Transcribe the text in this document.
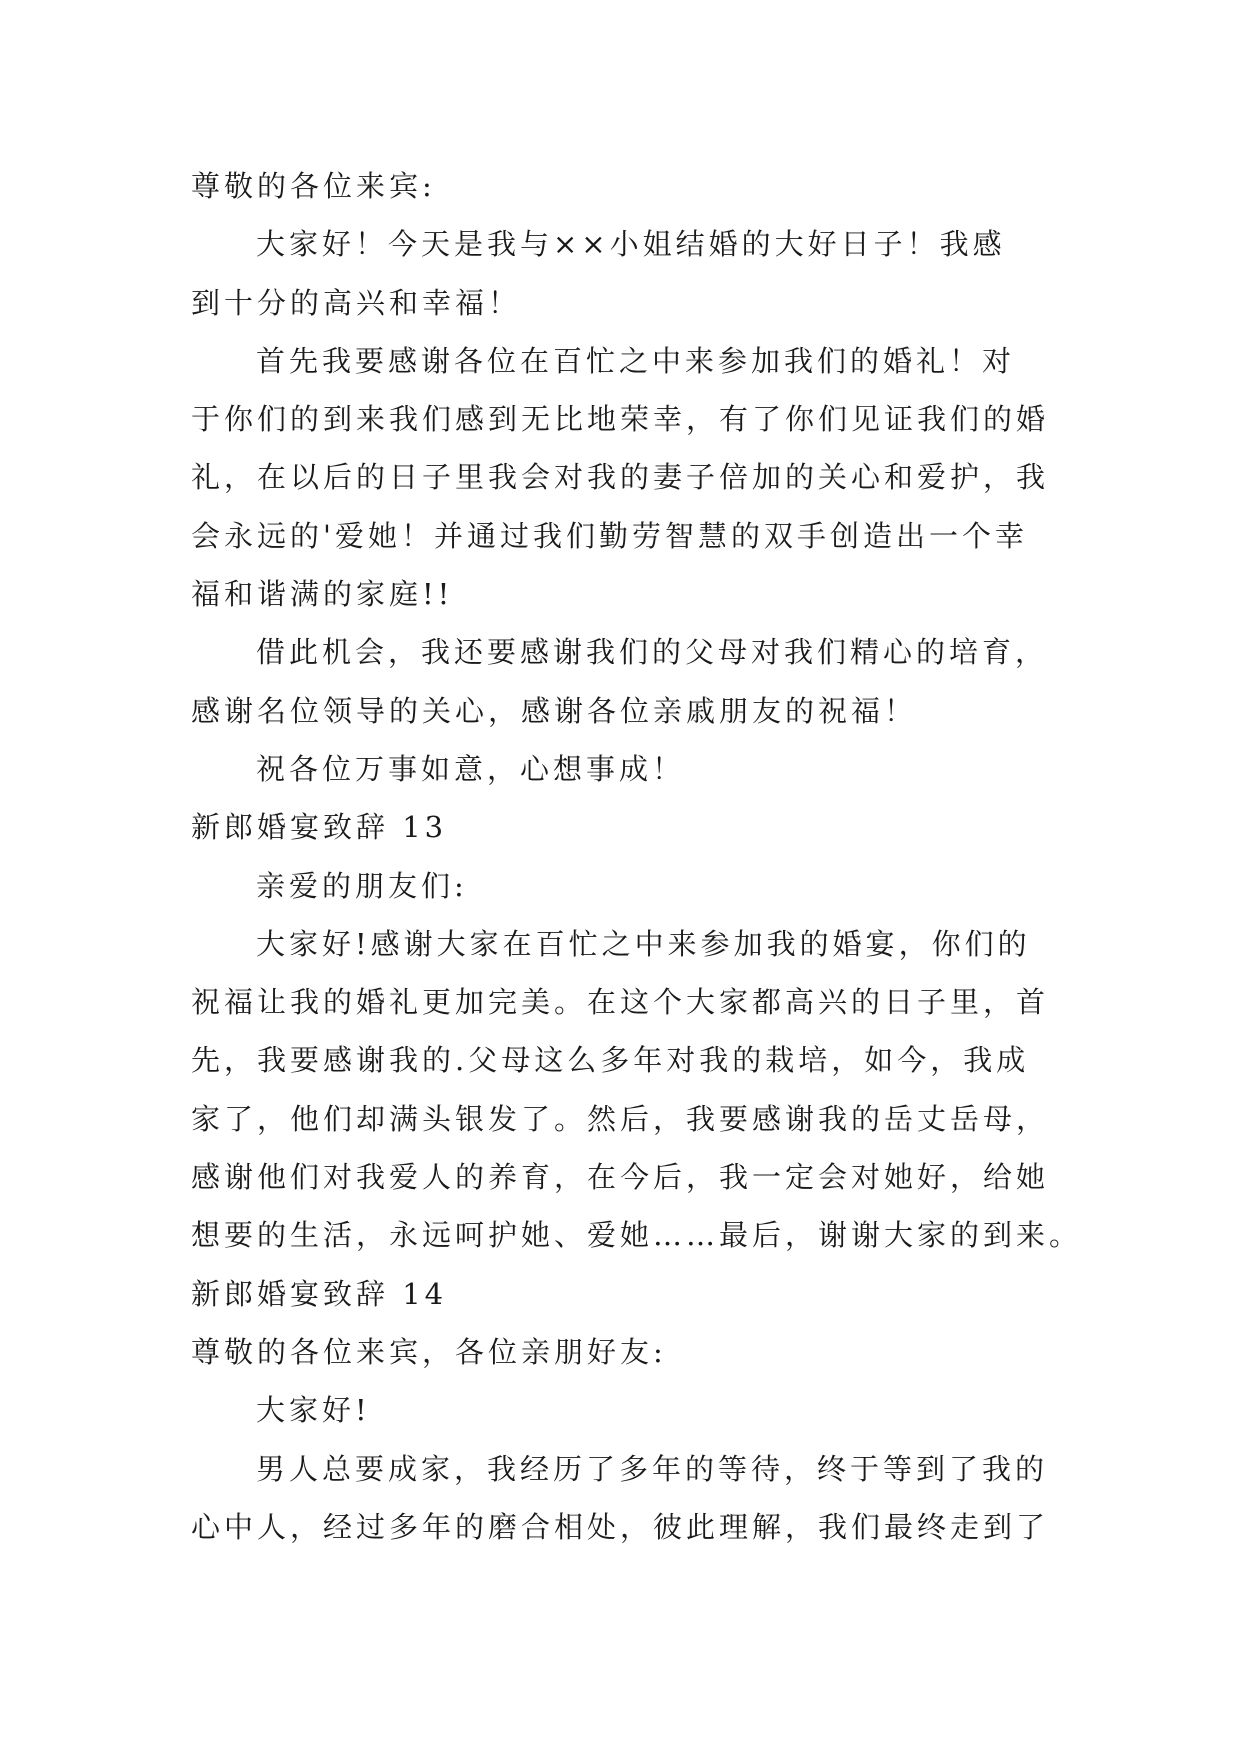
尊敬的各位来宾:
大家好！今天是我与××小姐结婚的大好日子！我感
到十分的高兴和幸福！
首先我要感谢各位在百忙之中来参加我们的婚礼！对
于你们的到来我们感到无比地荣幸，有了你们见证我们的婚
礼，在以后的日子里我会对我的妻子倍加的关心和爱护，我
会永远的'爱她！并通过我们勤劳智慧的双手创造出一个幸
福和谐满的家庭!!
借此机会，我还要感谢我们的父母对我们精心的培育，
感谢名位领导的关心，感谢各位亲戚朋友的祝福！
祝各位万事如意，心想事成！
新郎婚宴致辞 13
亲爱的朋友们:
大家好!感谢大家在百忙之中来参加我的婚宴，你们的
祝福让我的婚礼更加完美。在这个大家都高兴的日子里，首
先，我要感谢我的.父母这么多年对我的栽培，如今，我成
家了，他们却满头银发了。然后，我要感谢我的岳丈岳母，
感谢他们对我爱人的养育，在今后，我一定会对她好，给她
想要的生活，永远呵护她、爱她……最后，谢谢大家的到来。
新郎婚宴致辞 14
尊敬的各位来宾，各位亲朋好友:
大家好!
男人总要成家，我经历了多年的等待，终于等到了我的
心中人，经过多年的磨合相处，彼此理解，我们最终走到了
